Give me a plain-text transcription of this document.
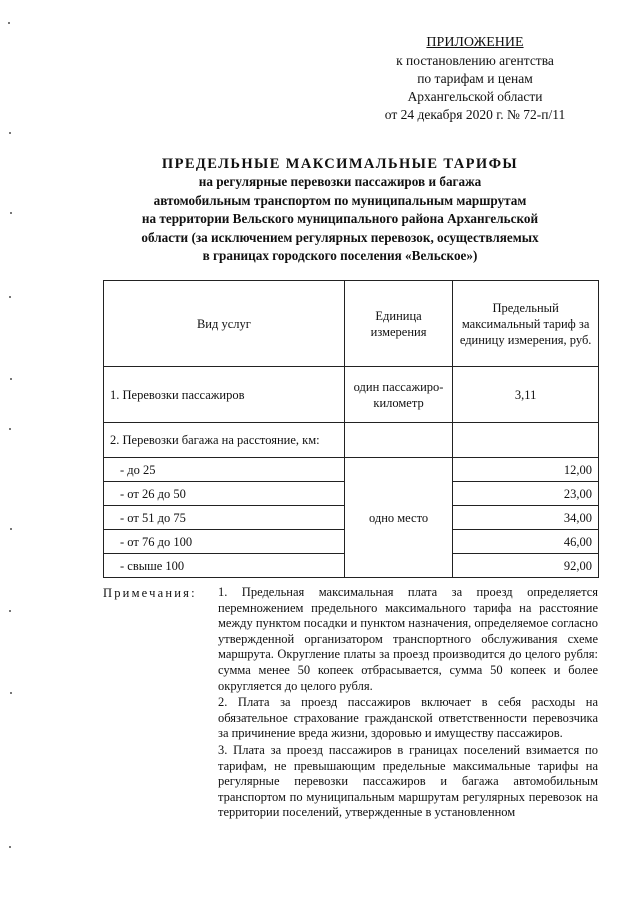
ПРИЛОЖЕНИЕ
к постановлению агентства
по тарифам и ценам
Архангельской области
от 24 декабря 2020 г. № 72-п/11
ПРЕДЕЛЬНЫЕ МАКСИМАЛЬНЫЕ ТАРИФЫ
на регулярные перевозки пассажиров и багажа
автомобильным транспортом по муниципальным маршрутам
на территории Вельского муниципального района Архангельской
области (за исключением регулярных перевозок, осуществляемых
в границах городского поселения «Вельское»)
Вид услуг	Единица измерения	Предельный максимальный тариф за единицу измерения, руб.
1. Перевозки пассажиров	один пассажиро-километр	3,11
2. Перевозки багажа на расстояние, км:		
- до 25	одно место	12,00
- от 26 до 50		23,00
- от 51 до 75		34,00
- от 76 до 100		46,00
- свыше 100		92,00
Примечания: 1. Предельная максимальная плата за проезд определяется перемножением предельного максимального тарифа на расстояние между пунктом посадки и пунктом назначения, определяемое согласно утвержденной организатором транспортного обслуживания схеме маршрута. Округление платы за проезд производится до целого рубля: сумма менее 50 копеек отбрасывается, сумма 50 копеек и более округляется до целого рубля.

2. Плата за проезд пассажиров включает в себя расходы на обязательное страхование гражданской ответственности перевозчика за причинение вреда жизни, здоровью и имуществу пассажиров.

3. Плата за проезд пассажиров в границах поселений взимается по тарифам, не превышающим предельные максимальные тарифы на регулярные перевозки пассажиров и багажа автомобильным транспортом по муниципальным маршрутам регулярных перевозок на территории поселений, утвержденные в установленном
